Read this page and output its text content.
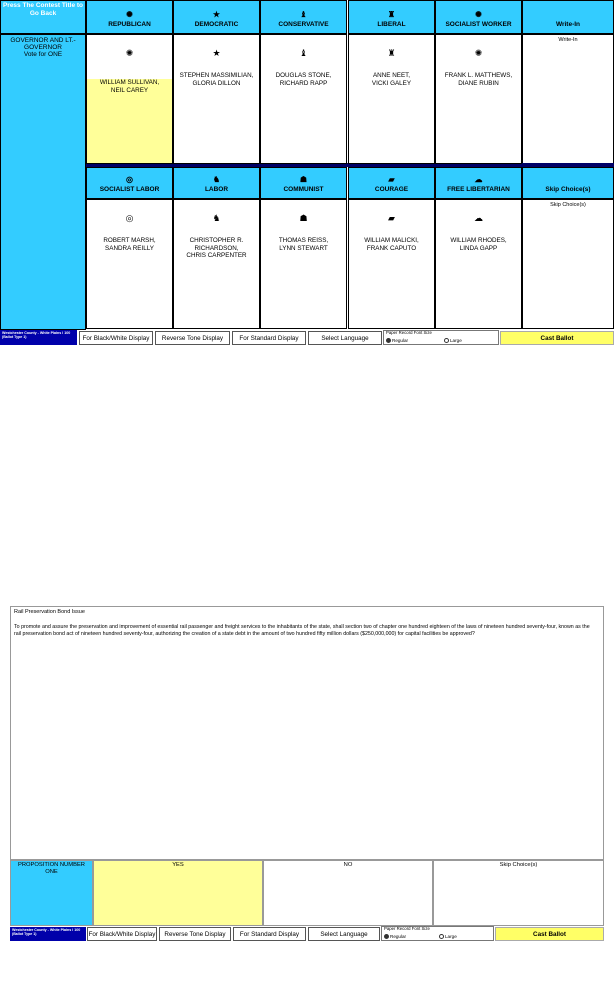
Press The Contest Title to Go Back
GOVERNOR AND LT.-GOVERNOR
Vote for ONE
Write-In
Write-In
Skip Choice(s)
Skip Choice(s)
Westchester County - White Plains I 100 (Ballot Type 1)	For Black/White Display	Reverse Tone Display	For Standard Display	Select Language
Paper Record Font Size
Regular	Large	Cast Ballot
Rail Preservation Bond Issue
To promote and assure the preservation and improvement of essential rail passenger and freight services to the inhabitants of the state, shall section two of chapter one hundred eighteen of the laws of nineteen hundred seventy-four, known as the rail preservation bond act of nineteen hundred seventy-four, authorizing the creation of a state debt in the amount of two hundred fifty million dollars ($250,000,000) for capital facilities be approved?
PROPOSITION NUMBER ONE
YES	NO	Skip Choice(s)
Westchester County - White Plains I 100 (Ballot Type 1)	For Black/White Display	Reverse Tone Display	For Standard Display	Select Language
Paper Record Font Size
Regular	Large	Cast Ballot
✺
REPUBLICAN
✺
WILLIAM SULLIVAN,
NEIL CAREY
★
DEMOCRATIC
★
STEPHEN MASSIMILIAN,
GLORIA DILLON
♝
CONSERVATIVE
♝
DOUGLAS STONE,
RICHARD RAPP
♜
LIBERAL
♜
ANNE NEET,
VICKI GALEY
✺
SOCIALIST WORKER
✺
FRANK L. MATTHEWS,
DIANE RUBIN
◎
SOCIALIST LABOR
◎
ROBERT MARSH,
SANDRA REILLY
♞
LABOR
♞
CHRISTOPHER R.
RICHARDSON,
CHRIS CARPENTER
☗
COMMUNIST
☗
THOMAS REISS,
LYNN STEWART
▰
COURAGE
▰
WILLIAM MALICKI,
FRANK CAPUTO
☁
FREE LIBERTARIAN
☁
WILLIAM RHODES,
LINDA GAPP
